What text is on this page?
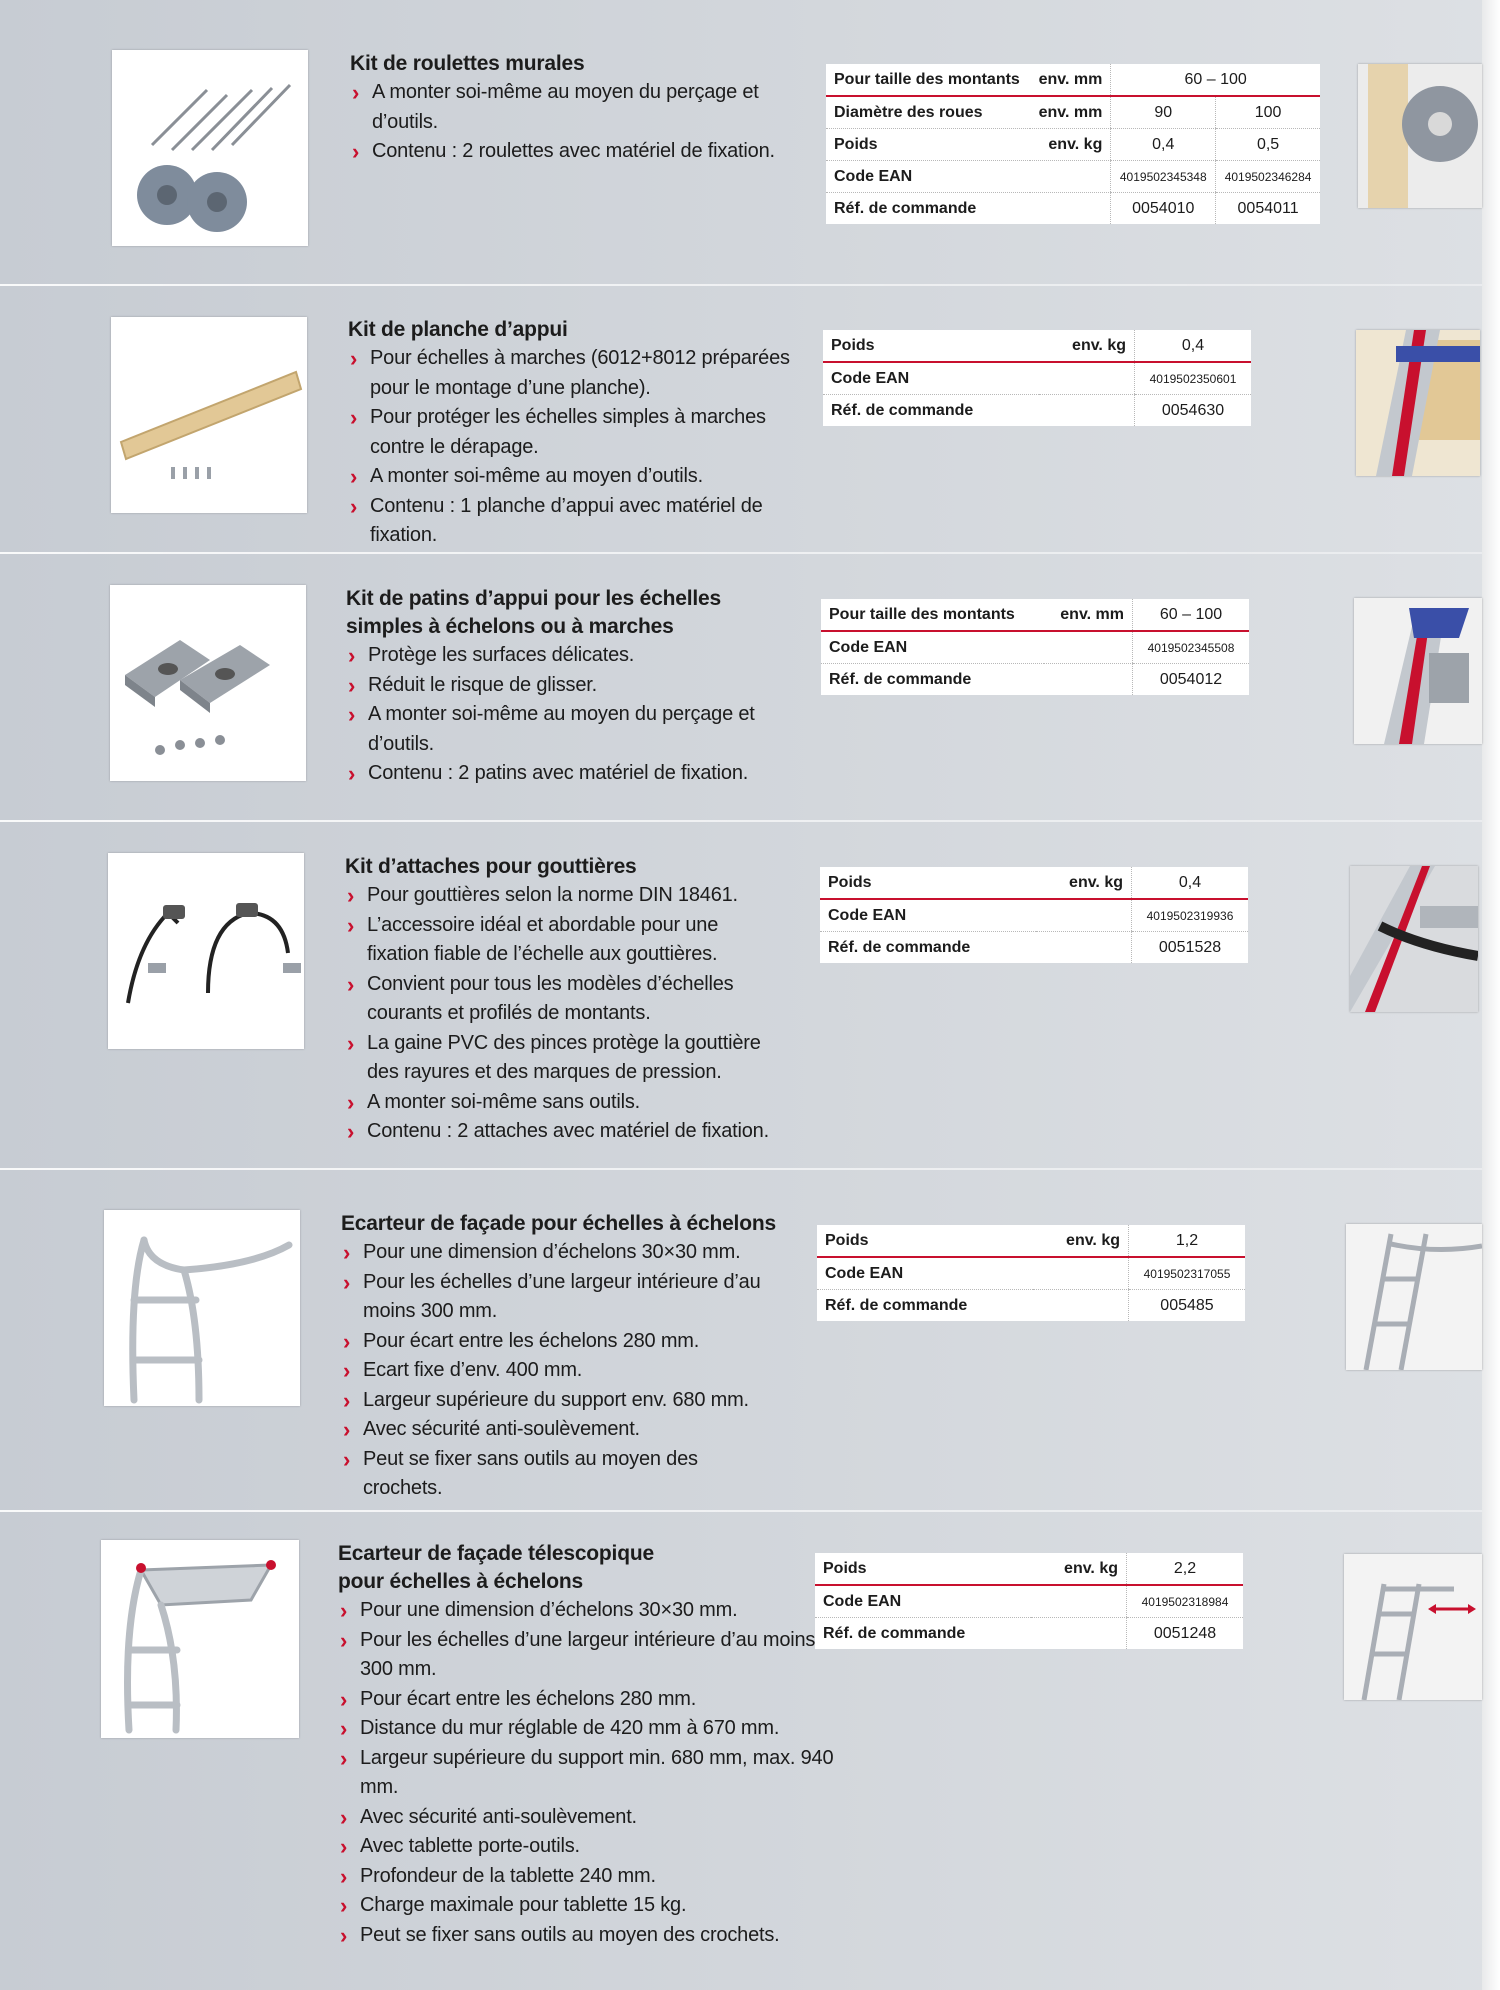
Kit de roulettes murales

› A monter soi-même au moyen du perçage et d’outils.
› Contenu : 2 roulettes avec matériel de fixation.
Pour taille des montants	env. mm	60 – 100	
Diamètre des roues	env. mm	90	100
Poids	env. kg	0,4	0,5
Code EAN		4019502345348	4019502346284
Réf. de commande		0054010	0054011

Kit de planche d’appui

› Pour échelles à marches (6012+8012 préparées pour le montage d’une planche).
› Pour protéger les échelles simples à marches contre le dérapage.
› A monter soi-même au moyen d’outils.
› Contenu : 1 planche d’appui avec matériel de fixation.
Poids	env. kg	0,4
Code EAN		4019502350601
Réf. de commande		0054630

Kit de patins d’appui pour les échelles simples à échelons ou à marches

› Protège les surfaces délicates.
› Réduit le risque de glisser.
› A monter soi-même au moyen du perçage et d’outils.
› Contenu : 2 patins avec matériel de fixation.
Pour taille des montants	env. mm	60 – 100
Code EAN		4019502345508
Réf. de commande		0054012

Kit d’attaches pour gouttières

› Pour gouttières selon la norme DIN 18461.
› L’accessoire idéal et abordable pour une fixation fiable de l’échelle aux gouttières.
› Convient pour tous les modèles d’échelles courants et profilés de montants.
› La gaine PVC des pinces protège la gouttière des rayures et des marques de pression.
› A monter soi-même sans outils.
› Contenu : 2 attaches avec matériel de fixation.
Poids	env. kg	0,4
Code EAN		4019502319936
Réf. de commande		0051528

Ecarteur de façade pour échelles à échelons

› Pour une dimension d’échelons 30×30 mm.
› Pour les échelles d’une largeur intérieure d’au moins 300 mm.
› Pour écart entre les échelons 280 mm.
› Ecart fixe d’env. 400 mm.
› Largeur supérieure du support env. 680 mm.
› Avec sécurité anti-soulèvement.
› Peut se fixer sans outils au moyen des crochets.
Poids	env. kg	1,2
Code EAN		4019502317055
Réf. de commande		005485

Ecarteur de façade télescopique pour échelles à échelons

› Pour une dimension d’échelons 30×30 mm.
› Pour les échelles d’une largeur intérieure d’au moins 300 mm.
› Pour écart entre les échelons 280 mm.
› Distance du mur réglable de 420 mm à 670 mm.
› Largeur supérieure du support min. 680 mm, max. 940 mm.
› Avec sécurité anti-soulèvement.
› Avec tablette porte-outils.
› Profondeur de la tablette 240 mm.
› Charge maximale pour tablette 15 kg.
› Peut se fixer sans outils au moyen des crochets.
Poids	env. kg	2,2
Code EAN		4019502318984
Réf. de commande		0051248
